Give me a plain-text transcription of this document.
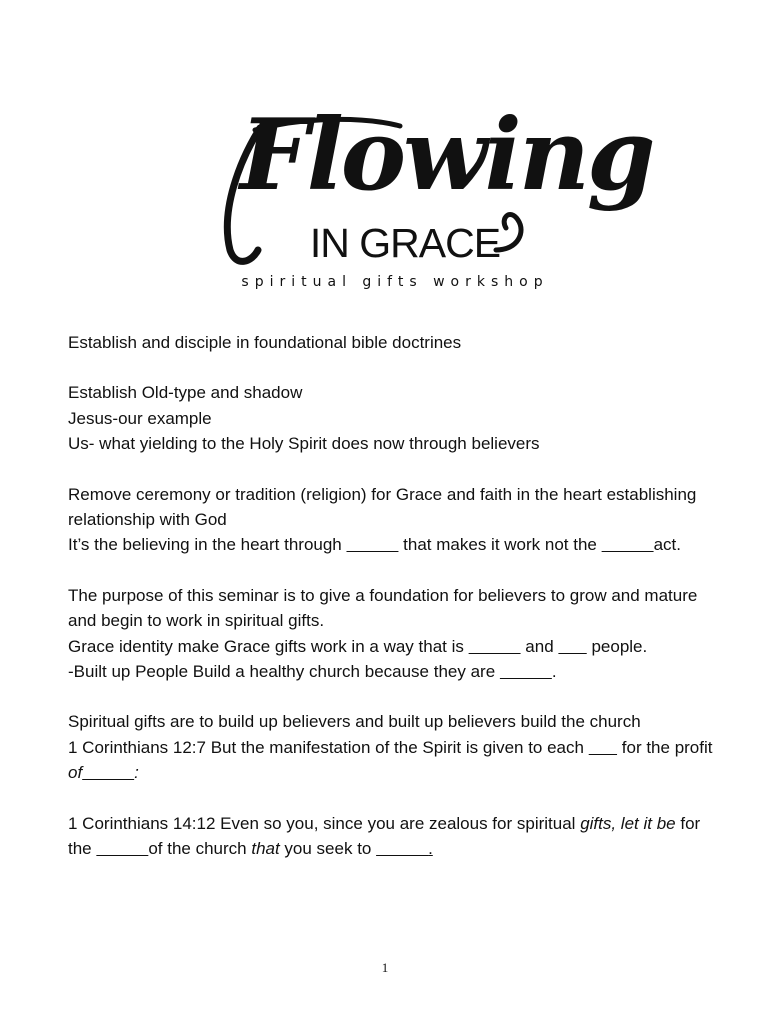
Flowing
IN GRACE
spiritual gifts workshop

Establish and disciple in foundational bible doctrines

Establish Old-type and shadow

Jesus-our example

Us- what yielding to the Holy Spirit does now through believers

Remove ceremony or tradition (religion) for Grace and faith in the heart establishing relationship with God

It’s the believing in the heart through	that makes it work not the	act.

The purpose of this seminar is to give a foundation for believers to grow and mature and begin to work in spiritual gifts.

Grace identity make Grace gifts work in a way that is	and        people.

-Built up People Build a healthy church because they are	.

Spiritual gifts are to build up believers and built up believers build the church

1 Corinthians 12:7 But the manifestation of the Spirit is given to each        for the profit of	:

1 Corinthians 14:12 Even so you, since you are zealous for spiritual gifts, let it be for the	of the church that you seek to	.

1
